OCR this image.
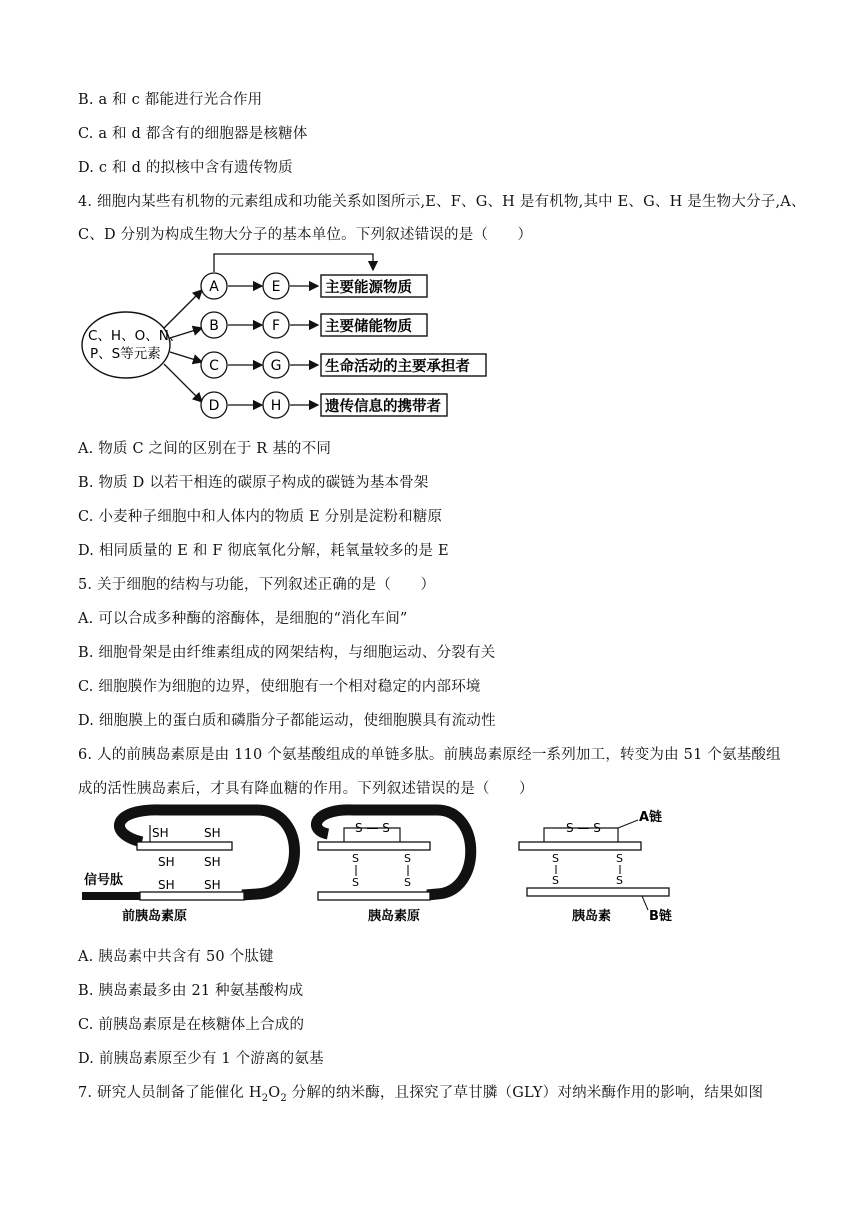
B. a 和 c 都能进行光合作用
C. a 和 d 都含有的细胞器是核糖体
D. c 和 d 的拟核中含有遗传物质
4. 细胞内某些有机物的元素组成和功能关系如图所示,E、F、G、H 是有机物,其中 E、G、H 是生物大分子,A、
C、D 分别为构成生物大分子的基本单位。下列叙述错误的是（　　）
C、H、O、N、
P、S等元素
A	E	主要能源物质
B	F	主要储能物质
C	G	生命活动的主要承担者
D	H	遗传信息的携带者
A. 物质 C 之间的区别在于 R 基的不同
B. 物质 D 以若干相连的碳原子构成的碳链为基本骨架
C. 小麦种子细胞中和人体内的物质 E 分别是淀粉和糖原
D. 相同质量的 E 和 F 彻底氧化分解，耗氧量较多的是 E
5. 关于细胞的结构与功能，下列叙述正确的是（　　）
A. 可以合成多种酶的溶酶体，是细胞的“消化车间”
B. 细胞骨架是由纤维素组成的网架结构，与细胞运动、分裂有关
C. 细胞膜作为细胞的边界，使细胞有一个相对稳定的内部环境
D. 细胞膜上的蛋白质和磷脂分子都能运动，使细胞膜具有流动性
6. 人的前胰岛素原是由 110 个氨基酸组成的单链多肽。前胰岛素原经一系列加工，转变为由 51 个氨基酸组
成的活性胰岛素后，才具有降血糖的作用。下列叙述错误的是（　　）
SH	SH
SH SH
SH SH
信号肽
前胰岛素原
S — S
S
S
S
S
胰岛素原
S — S
A链
S
S
S
S
胰岛素	B链
A. 胰岛素中共含有 50 个肽键
B. 胰岛素最多由 21 种氨基酸构成
C. 前胰岛素原是在核糖体上合成的
D. 前胰岛素原至少有 1 个游离的氨基
7. 研究人员制备了能催化 $H_2O_2$ 分解的纳米酶，且探究了草甘膦（GLY）对纳米酶作用的影响，结果如图
